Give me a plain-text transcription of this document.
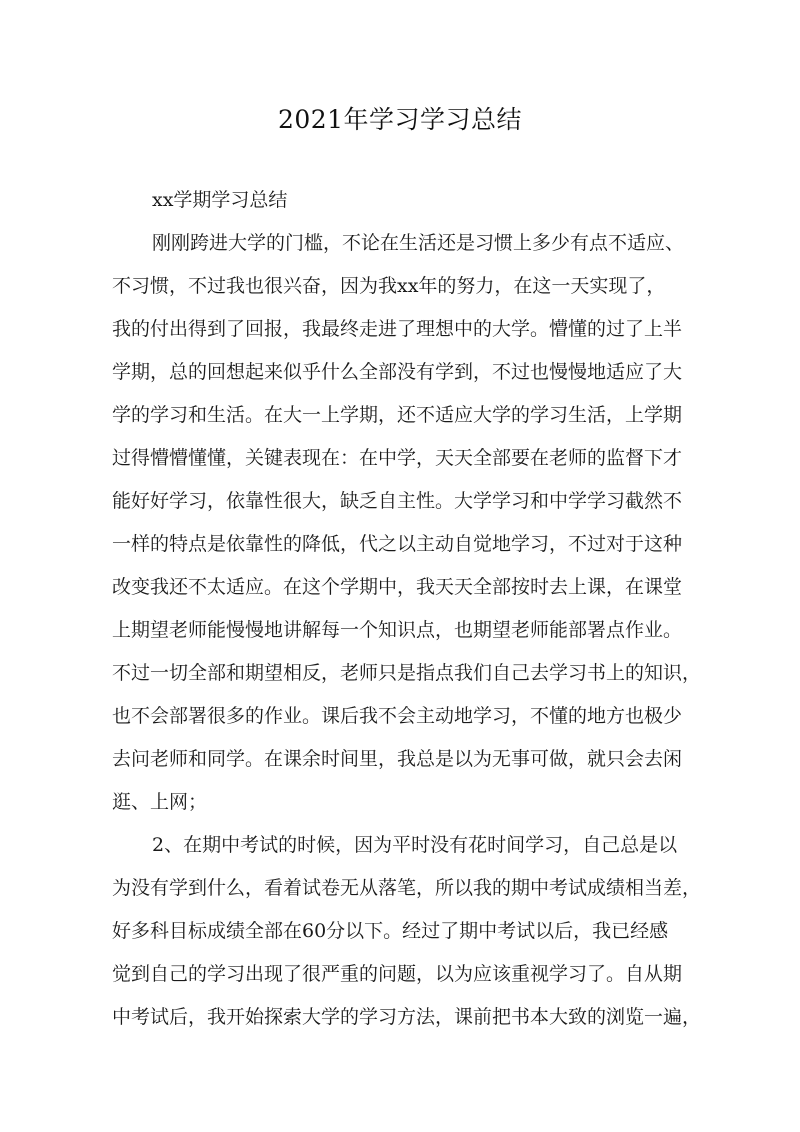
2021年学习学习总结
xx学期学习总结
刚刚跨进大学的门槛，不论在生活还是习惯上多少有点不适应、
不习惯，不过我也很兴奋，因为我xx年的努力，在这一天实现了，
我的付出得到了回报，我最终走进了理想中的大学。懵懂的过了上半
学期，总的回想起来似乎什么全部没有学到，不过也慢慢地适应了大
学的学习和生活。在大一上学期，还不适应大学的学习生活，上学期
过得懵懵懂懂，关键表现在：在中学，天天全部要在老师的监督下才
能好好学习，依靠性很大，缺乏自主性。大学学习和中学学习截然不
一样的特点是依靠性的降低，代之以主动自觉地学习，不过对于这种
改变我还不太适应。在这个学期中，我天天全部按时去上课，在课堂
上期望老师能慢慢地讲解每一个知识点，也期望老师能部署点作业。
不过一切全部和期望相反，老师只是指点我们自己去学习书上的知识，
也不会部署很多的作业。课后我不会主动地学习，不懂的地方也极少
去问老师和同学。在课余时间里，我总是以为无事可做，就只会去闲
逛、上网；
2、在期中考试的时候，因为平时没有花时间学习，自己总是以
为没有学到什么，看着试卷无从落笔，所以我的期中考试成绩相当差，
好多科目标成绩全部在60分以下。经过了期中考试以后，我已经感
觉到自己的学习出现了很严重的问题，以为应该重视学习了。自从期
中考试后，我开始探索大学的学习方法，课前把书本大致的浏览一遍，
